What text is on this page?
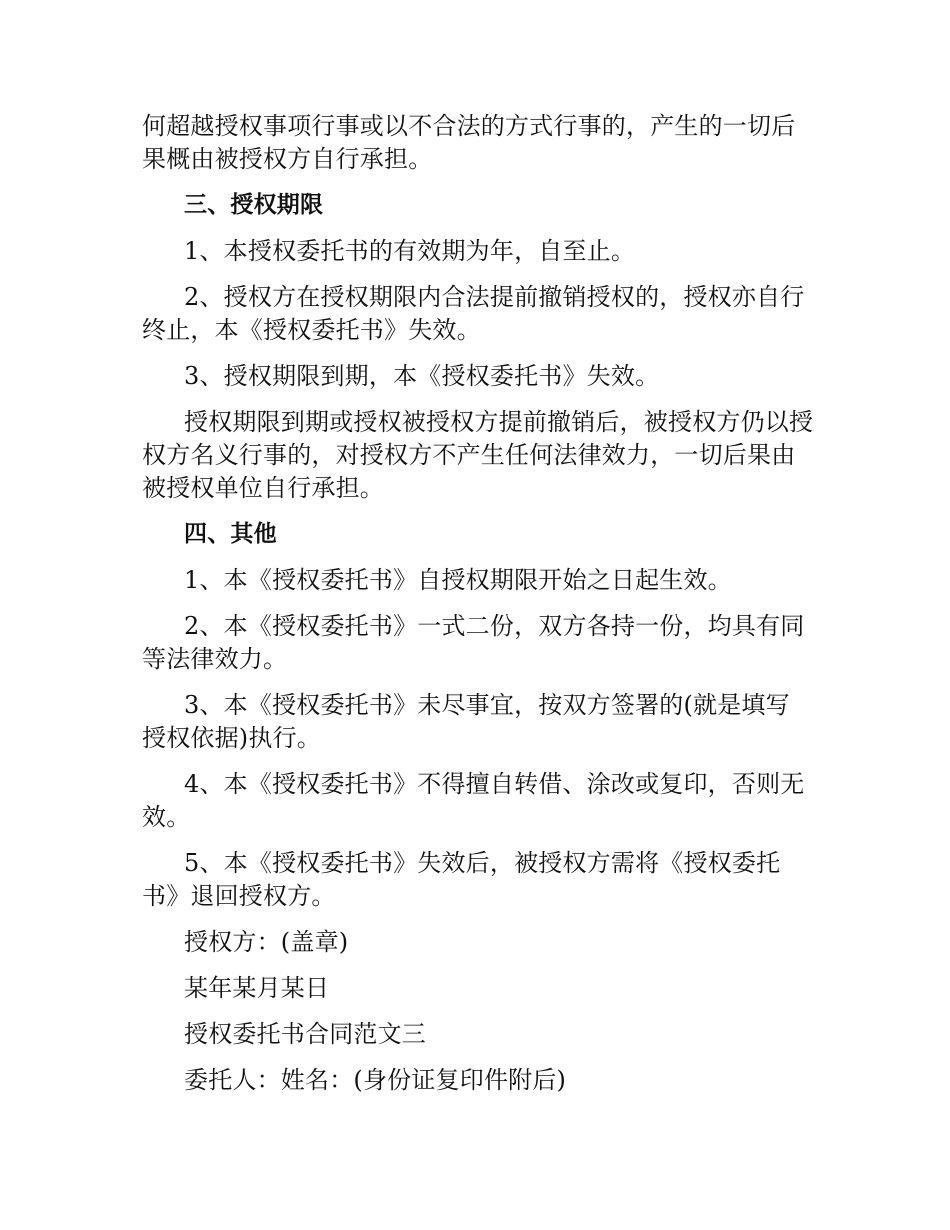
何超越授权事项行事或以不合法的方式行事的，产生的一切后果概由被授权方自行承担。

三、授权期限

1、本授权委托书的有效期为年，自至止。

2、授权方在授权期限内合法提前撤销授权的，授权亦自行终止，本《授权委托书》失效。

3、授权期限到期，本《授权委托书》失效。

授权期限到期或授权被授权方提前撤销后，被授权方仍以授权方名义行事的，对授权方不产生任何法律效力，一切后果由被授权单位自行承担。

四、其他

1、本《授权委托书》自授权期限开始之日起生效。

2、本《授权委托书》一式二份，双方各持一份，均具有同等法律效力。

3、本《授权委托书》未尽事宜，按双方签署的(就是填写授权依据)执行。

4、本《授权委托书》不得擅自转借、涂改或复印，否则无效。

5、本《授权委托书》失效后，被授权方需将《授权委托书》退回授权方。

授权方：(盖章)

某年某月某日

授权委托书合同范文三

委托人：姓名：(身份证复印件附后)
